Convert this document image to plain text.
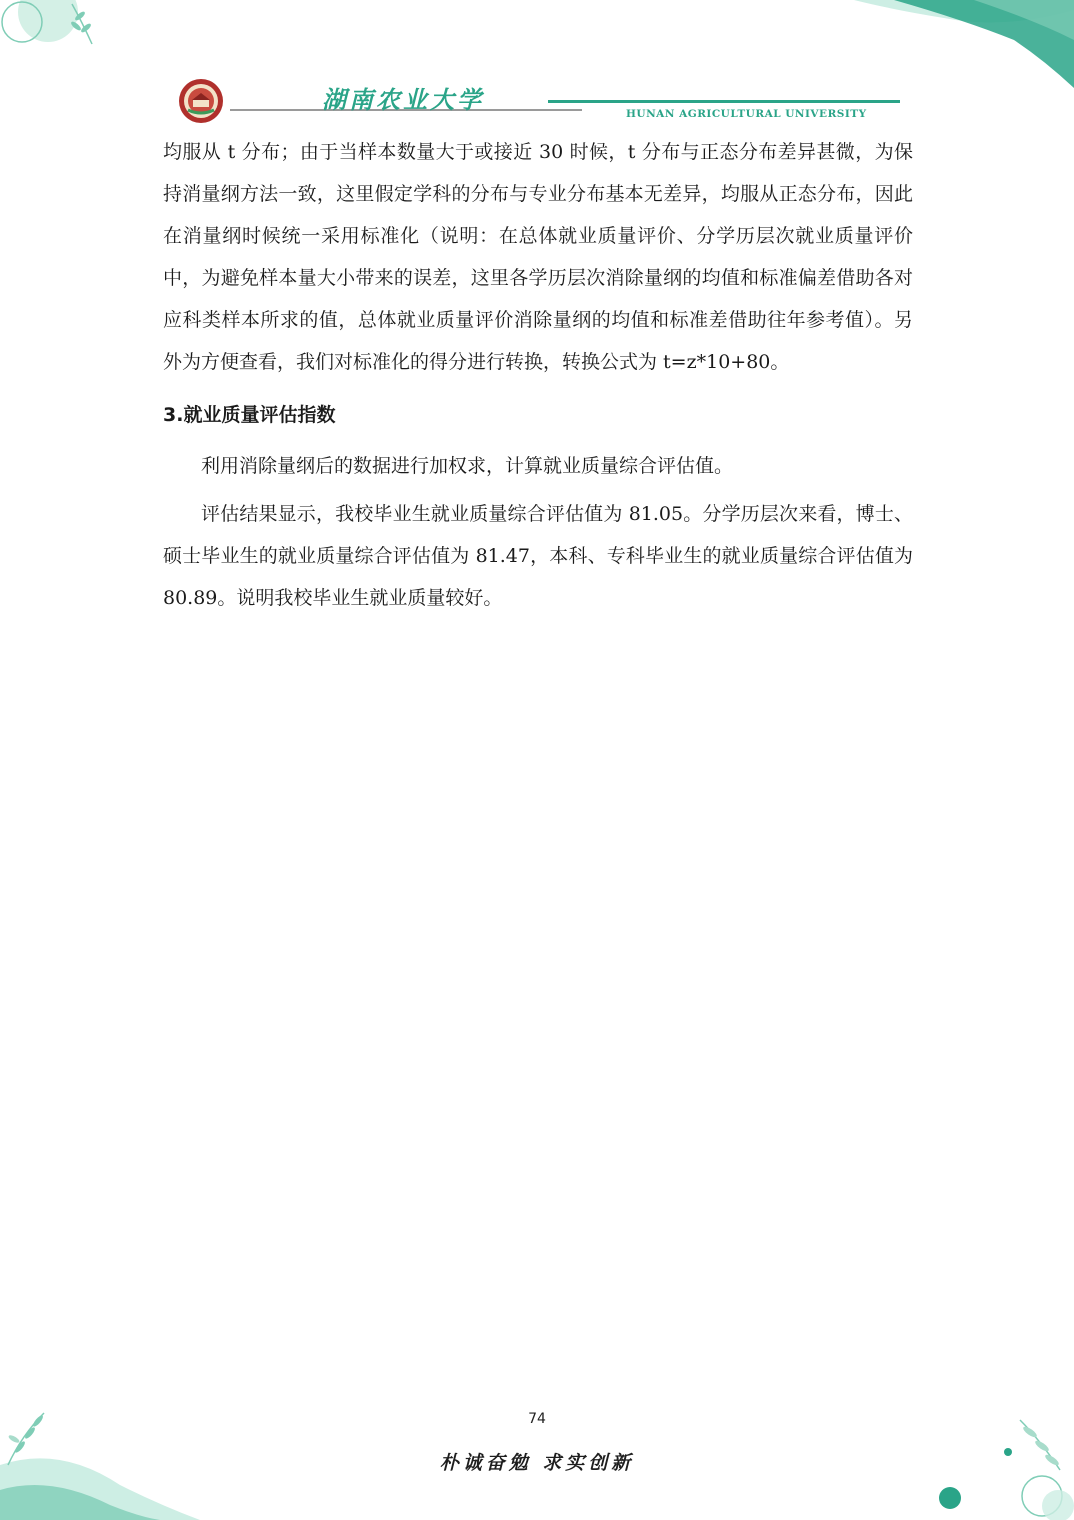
湖南农业大学	HUNAN AGRICULTURAL UNIVERSITY

均服从 t 分布；由于当样本数量大于或接近 30 时候，t 分布与正态分布差异甚微，为保持消量纲方法一致，这里假定学科的分布与专业分布基本无差异，均服从正态分布，因此在消量纲时候统一采用标准化（说明：在总体就业质量评价、分学历层次就业质量评价中，为避免样本量大小带来的误差，这里各学历层次消除量纲的均值和标准偏差借助各对应科类样本所求的值，总体就业质量评价消除量纲的均值和标准差借助往年参考值）。另外为方便查看，我们对标准化的得分进行转换，转换公式为 t=z*10+80。

3.就业质量评估指数

利用消除量纲后的数据进行加权求，计算就业质量综合评估值。

评估结果显示，我校毕业生就业质量综合评估值为 81.05。分学历层次来看，博士、硕士毕业生的就业质量综合评估值为 81.47，本科、专科毕业生的就业质量综合评估值为 80.89。说明我校毕业生就业质量较好。

74
朴诚奋勉 求实创新
